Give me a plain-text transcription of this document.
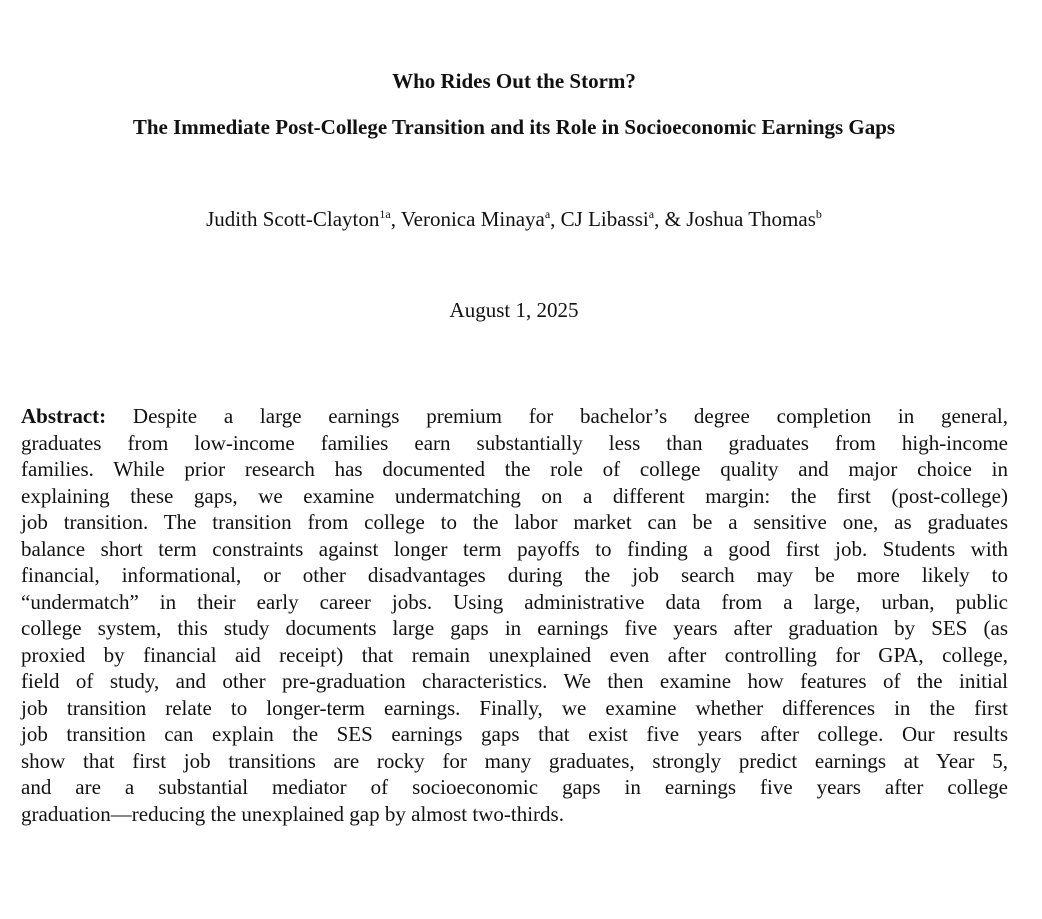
Who Rides Out the Storm?

The Immediate Post-College Transition and its Role in Socioeconomic Earnings Gaps

Judith Scott-Clayton$^{1a}$, Veronica Minaya$^a$, CJ Libassi$^a$, & Joshua Thomas$^b$

August 1, 2025

Abstract: Despite a large earnings premium for bachelor’s degree completion in general,
graduates from low-income families earn substantially less than graduates from high-income
families. While prior research has documented the role of college quality and major choice in
explaining these gaps, we examine undermatching on a different margin: the first (post-college)
job transition. The transition from college to the labor market can be a sensitive one, as graduates
balance short term constraints against longer term payoffs to finding a good first job. Students with
financial, informational, or other disadvantages during the job search may be more likely to
“undermatch” in their early career jobs. Using administrative data from a large, urban, public
college system, this study documents large gaps in earnings five years after graduation by SES (as
proxied by financial aid receipt) that remain unexplained even after controlling for GPA, college,
field of study, and other pre-graduation characteristics. We then examine how features of the initial
job transition relate to longer-term earnings. Finally, we examine whether differences in the first
job transition can explain the SES earnings gaps that exist five years after college. Our results
show that first job transitions are rocky for many graduates, strongly predict earnings at Year 5,
and are a substantial mediator of socioeconomic gaps in earnings five years after college
graduation—reducing the unexplained gap by almost two-thirds.
